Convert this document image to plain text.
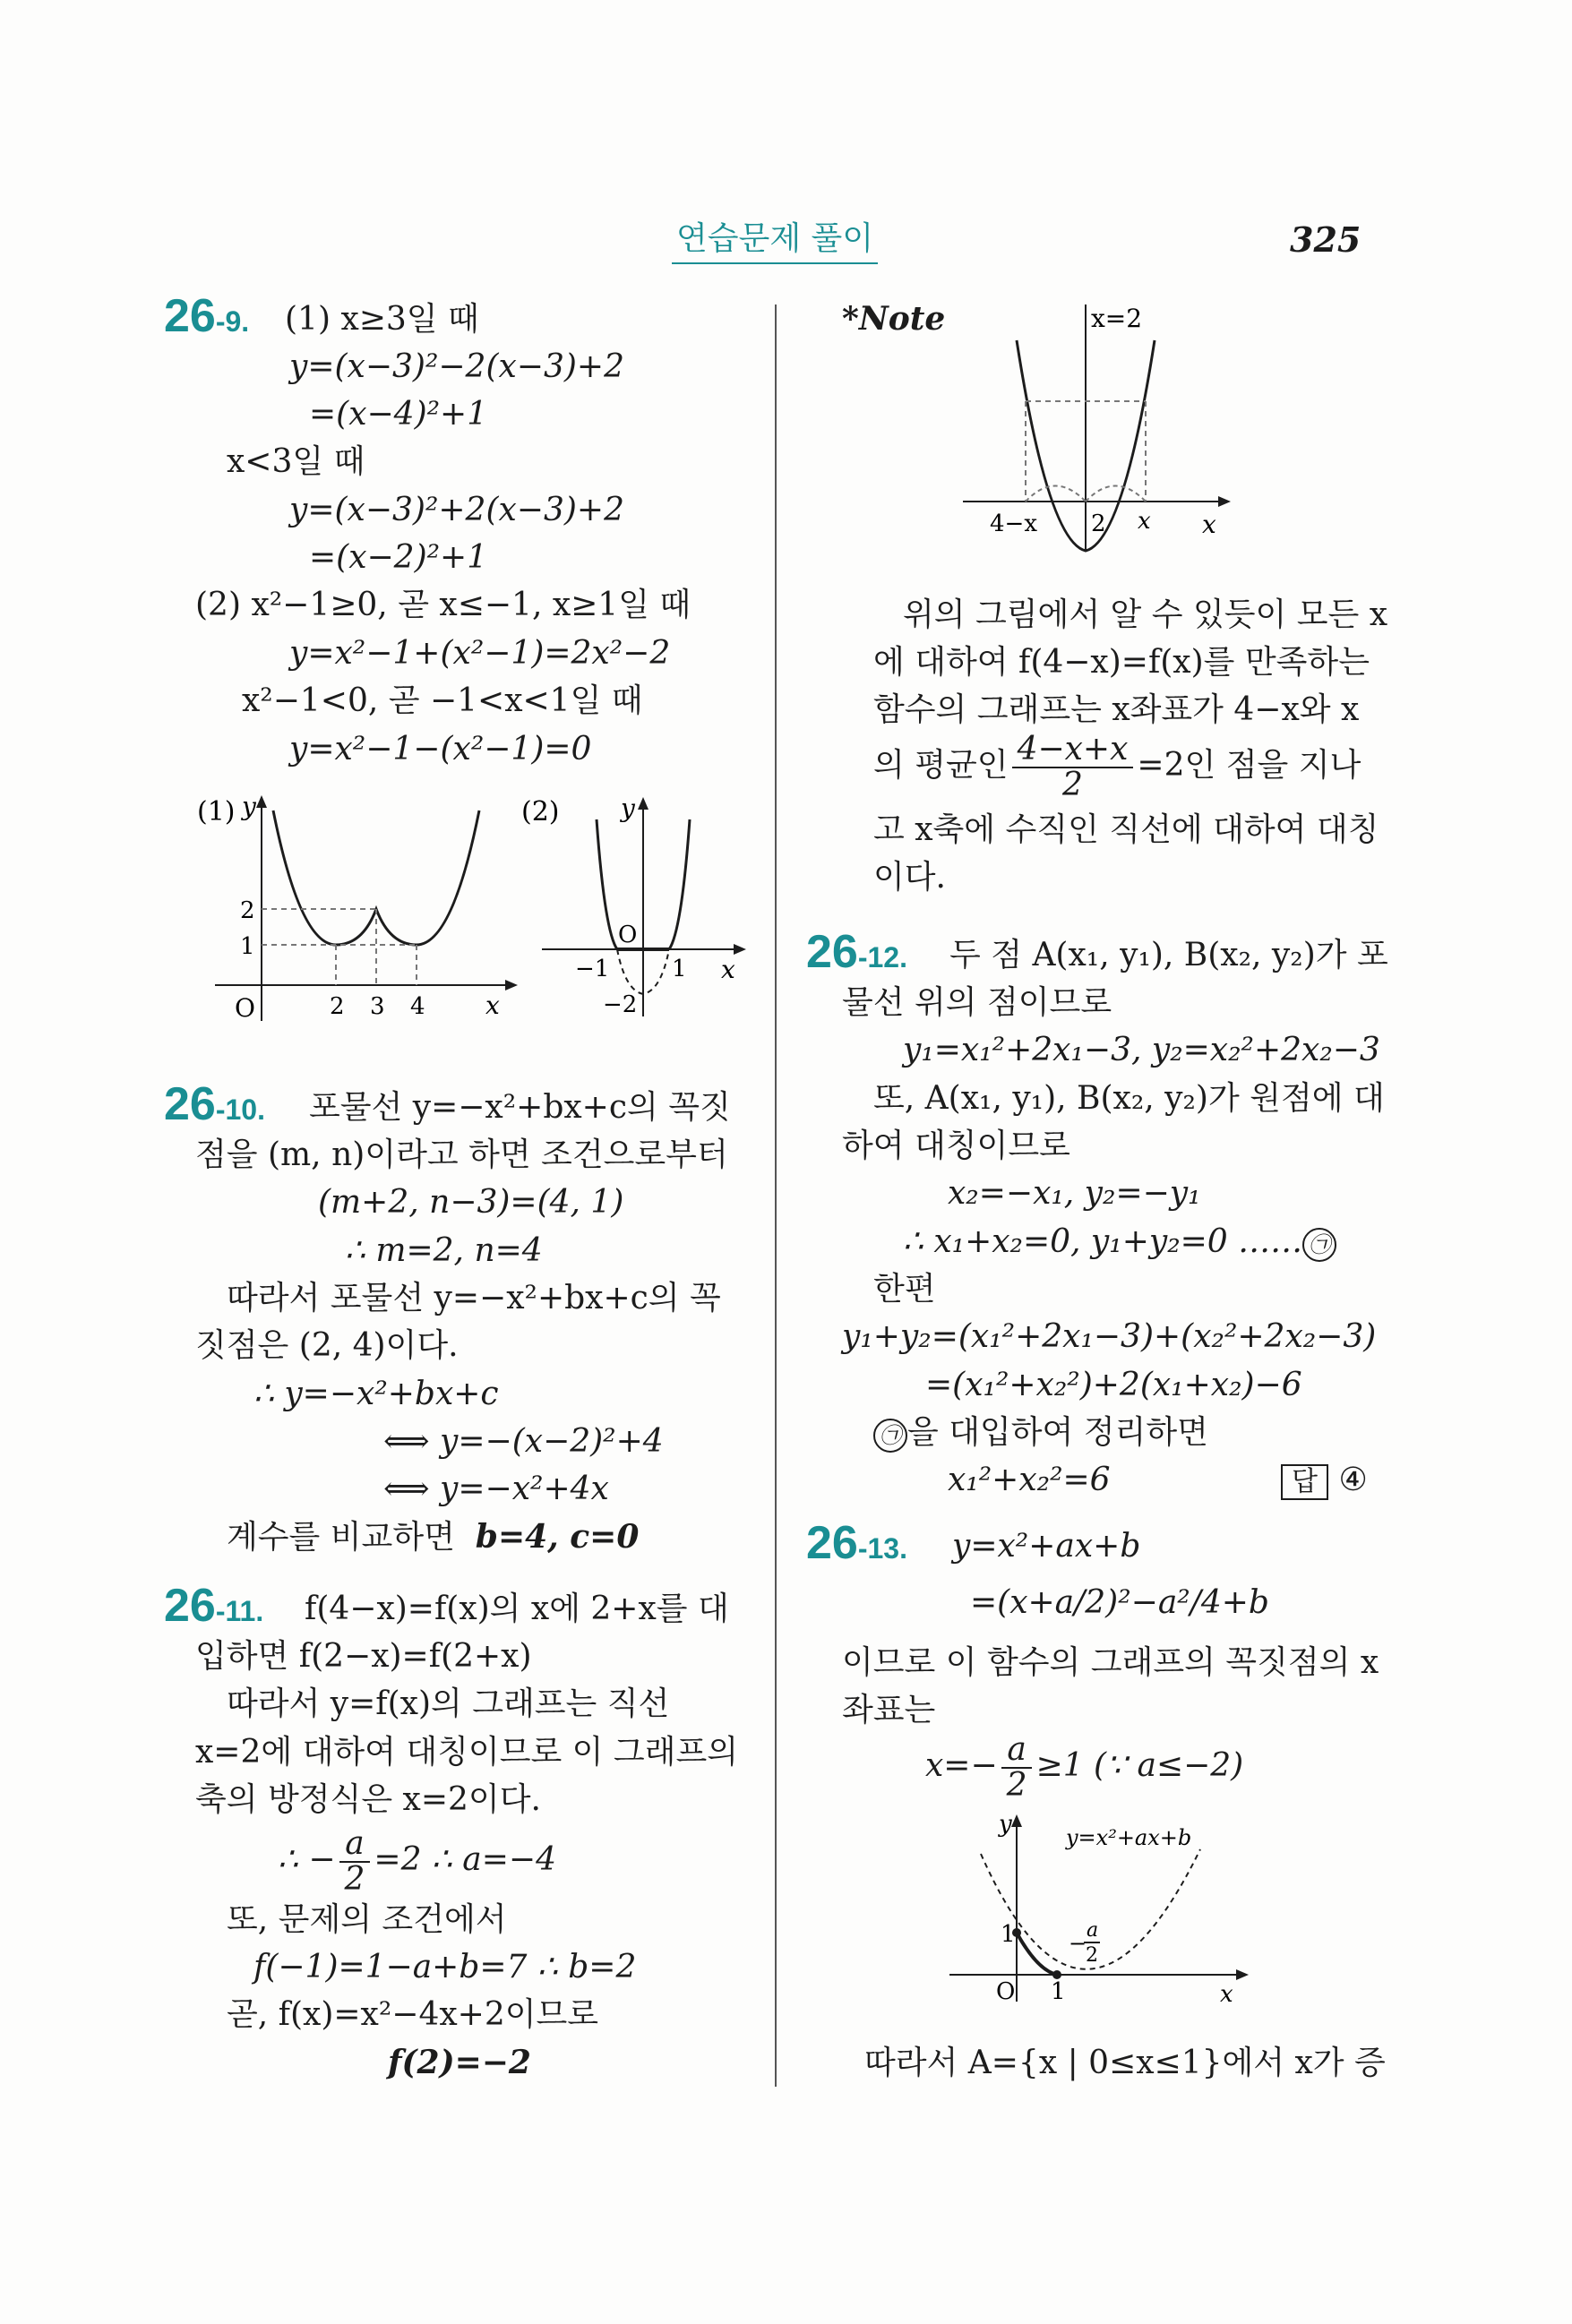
연습문제 풀이	325
26-9. (1) x≥3일 때
y=(x−3)²−2(x−3)+2
=(x−4)²+1
x<3일 때
y=(x−3)²+2(x−3)+2
=(x−2)²+1
(2) x²−1≥0, 곧 x≤−1, x≥1일 때
y=x²−1+(x²−1)=2x²−2
x²−1<0, 곧 −1<x<1일 때
y=x²−1−(x²−1)=0
(1) y
x
O
1
2
2 3 4
(2) y
x
O
−1	1
−2
26-10. 포물선 y=−x²+bx+c의 꼭짓
점을 (m, n)이라고 하면 조건으로부터
(m+2, n−3)=(4, 1)
∴ m=2, n=4
따라서 포물선 y=−x²+bx+c의 꼭
짓점은 (2, 4)이다.
∴ y=−x²+bx+c
⟺ y=−(x−2)²+4
⟺ y=−x²+4x
계수를 비교하면 b=4, c=0
26-11. f(4−x)=f(x)의 x에 2+x를 대
입하면 f(2−x)=f(2+x)
따라서 y=f(x)의 그래프는 직선
x=2에 대하여 대칭이므로 이 그래프의
축의 방정식은 x=2이다.
∴ − $\frac{a}{2} =2$ ∴ a=−4
또, 문제의 조건에서
f(−1)=1−a+b=7 ∴ b=2
곧, f(x)=x²−4x+2이므로
f(2)=−2
*Note	x=2
4−x 2 x x
위의 그림에서 알 수 있듯이 모든 x
에 대하여 f(4−x)=f(x)를 만족하는
함수의 그래프는 x좌표가 4−x와 x
의 평균인 $\frac{4-x+x}{2} =2$인 점을 지나
고 x축에 수직인 직선에 대하여 대칭
이다.
26-12. 두 점 A(x₁, y₁), B(x₂, y₂)가 포
물선 위의 점이므로
y₁=x₁²+2x₁−3, y₂=x₂²+2x₂−3
또, A(x₁, y₁), B(x₂, y₂)가 원점에 대
하여 대칭이므로
x₂=−x₁, y₂=−y₁
∴ x₁+x₂=0, y₁+y₂=0 …… ㉠
한편
y₁+y₂=(x₁²+2x₁−3)+(x₂²+2x₂−3)
=(x₁²+x₂²)+2(x₁+x₂)−6
㉠ 을 대입하여 정리하면
x₁²+x₂²=6	답 ④
26-13. y=x²+ax+b
=(x+a/2)²−a²/4+b
이므로 이 함수의 그래프의 꼭짓점의 x
좌표는
$x=- \frac{a}{2} \ge 1$ (∵ a≤−2)
y
x
O
y=x²+ax+b
1
1
−
a
2
따라서 A={x | 0≤x≤1}에서 x가 증
